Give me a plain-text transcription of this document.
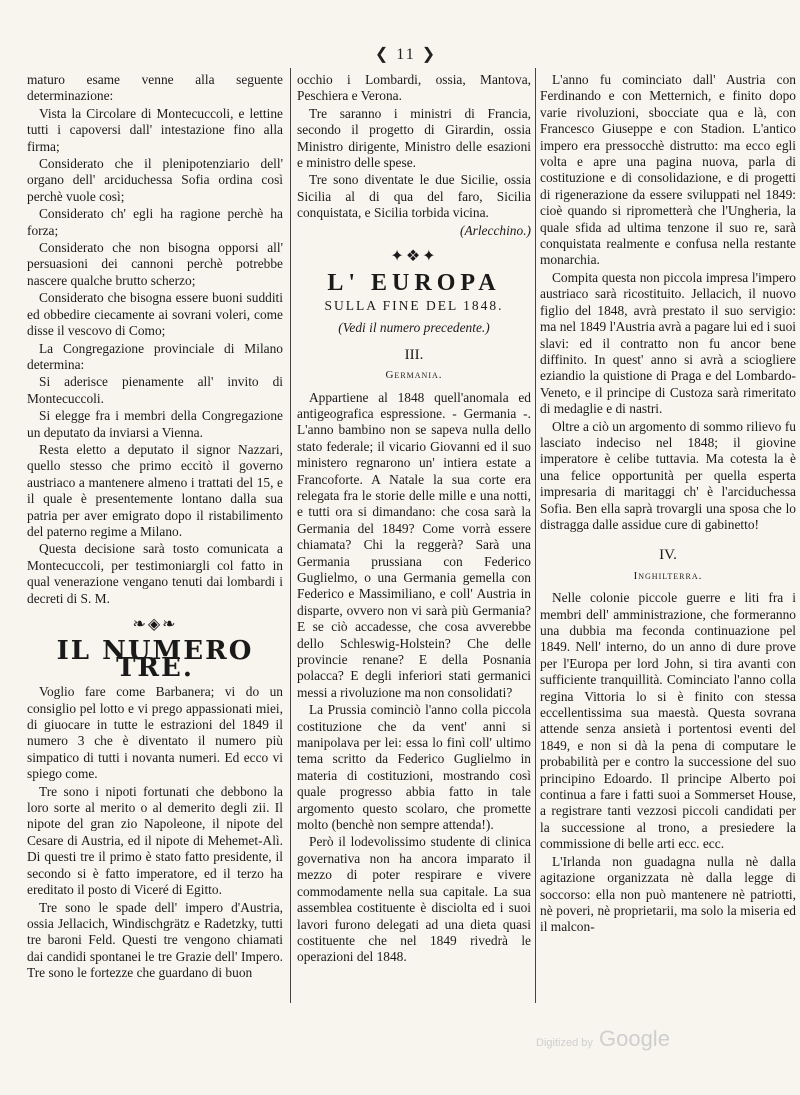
❮ 11 ❯

maturo esame venne alla seguente determinazione:

Vista la Circolare di Montecuccoli, e lettine tutti i capoversi dall' intestazione fino alla firma;

Considerato che il plenipotenziario dell' organo dell' arciduchessa Sofia ordina così perchè vuole così;

Considerato ch' egli ha ragione perchè ha forza;

Considerato che non bisogna opporsi all' persuasioni dei cannoni perchè potrebbe nascere qualche brutto scherzo;

Considerato che bisogna essere buoni sudditi ed obbedire ciecamente ai sovrani voleri, come disse il vescovo di Como;

La Congregazione provinciale di Milano determina:

Si aderisce pienamente all' invito di Montecuccoli.

Si elegge fra i membri della Congregazione un deputato da inviarsi a Vienna.

Resta eletto a deputato il signor Nazzari, quello stesso che primo eccitò il governo austriaco a mantenere almeno i trattati del 15, e il quale è presentemente lontano dalla sua patria per aver emigrato dopo il ristabilimento del paterno regime a Milano.

Questa decisione sarà tosto comunicata a Montecuccoli, per testimoniargli col fatto in qual venerazione vengano tenuti dai lombardi i decreti di S. M.

❧◈❧

IL NUMERO TRE.

Voglio fare come Barbanera; vi do un consiglio pel lotto e vi prego appassionati miei, di giuocare in tutte le estrazioni del 1849 il numero 3 che è diventato il numero più simpatico di tutti i novanta numeri. Ed ecco vi spiego come.

Tre sono i nipoti fortunati che debbono la loro sorte al merito o al demerito degli zii. Il nipote del gran zio Napoleone, il nipote del Cesare di Austria, ed il nipote di Mehemet-Alì. Di questi tre il primo è stato fatto presidente, il secondo si è fatto imperatore, ed il terzo ha ereditato il posto di Viceré di Egitto.

Tre sono le spade dell' impero d'Austria, ossia Jellacich, Windischgrätz e Radetzky, tutti tre baroni Feld. Questi tre vengono chiamati dai candidi spontanei le tre Grazie dell' Impero. Tre sono le fortezze che guardano di buon

occhio i Lombardi, ossia, Mantova, Peschiera e Verona.

Tre saranno i ministri di Francia, secondo il progetto di Girardin, ossia Ministro dirigente, Ministro delle esazioni e ministro delle spese.

Tre sono diventate le due Sicilie, ossia Sicilia al di qua del faro, Sicilia conquistata, e Sicilia torbida vicina.

(Arlecchino.)

✦❖✦

L' EUROPA

SULLA FINE DEL 1848.

(Vedi il numero precedente.)

III.

Germania.

Appartiene al 1848 quell'anomala ed antigeografica espressione. - Germania -. L'anno bambino non se sapeva nulla dello stato federale; il vicario Giovanni ed il suo ministero regnarono un' intiera estate a Francoforte. A Natale la sua corte era relegata fra le storie delle mille e una notti, e tutti ora si dimandano: che cosa sarà la Germania del 1849? Come vorrà essere chiamata? Chi la reggerà? Sarà una Germania prussiana con Federico Guglielmo, o una Germania gemella con Federico e Massimiliano, e coll' Austria in disparte, ovvero non vi sarà più Germania? E se ciò accadesse, che cosa avverebbe dello Schleswig-Holstein? Che delle provincie renane? E della Posnania polacca? E degli inferiori stati germanici messi a rivoluzione ma non consolidati?

La Prussia cominciò l'anno colla piccola costituzione che da vent' anni si manipolava per lei: essa lo finì coll' ultimo tema scritto da Federico Guglielmo in materia di costituzioni, mostrando così quale progresso abbia fatto in tale argomento questo scolaro, che promette molto (benchè non sempre attenda!).

Però il lodevolissimo studente di clinica governativa non ha ancora imparato il mezzo di poter respirare e vivere commodamente nella sua capitale. La sua assemblea costituente è disciolta ed i suoi lavori furono delegati ad una dieta quasi costituente che nel 1849 rivedrà le operazioni del 1848.

L'anno fu cominciato dall' Austria con Ferdinando e con Metternich, e finito dopo varie rivoluzioni, sbocciate qua e là, con Francesco Giuseppe e con Stadion. L'antico impero era pressocchè distrutto: ma ecco egli volta e apre una pagina nuova, parla di costituzione e di consolidazione, e di progetti di rigenerazione da essere sviluppati nel 1849: cioè quando si riprometterà che l'Ungheria, la quale sfida ad ultima tenzone il suo re, sarà conquistata realmente e confusa nella restante monarchia.

Compita questa non piccola impresa l'impero austriaco sarà ricostituito. Jellacich, il nuovo figlio del 1848, avrà prestato il suo servigio: ma nel 1849 l'Austria avrà a pagare lui ed i suoi slavi: ed il contratto non fu ancor bene diffinito. In quest' anno si avrà a sciogliere eziandio la quistione di Praga e del Lombardo-Veneto, e il principe di Custoza sarà rimeritato di medaglie e di nastri.

Oltre a ciò un argomento di sommo rilievo fu lasciato indeciso nel 1848; il giovine imperatore è celibe tuttavia. Ma cotesta la è una felice opportunità per quella esperta impresaria di maritaggi ch' è l'arciduchessa Sofia. Ben ella saprà trovargli una sposa che lo distragga dalle assidue cure di gabinetto!

IV.

Inghilterra.

Nelle colonie piccole guerre e liti fra i membri dell' amministrazione, che formeranno una dubbia ma feconda continuazione pel 1849. Nell' interno, do un anno di dure prove per l'Europa per lord John, si tira avanti con sufficiente tranquillità. Cominciato l'anno colla regina Vittoria lo si è finito con stessa eccellentissima sua maestà. Questa sovrana attende senza ansietà i portentosi eventi del 1849, e non si dà la pena di computare le probabilità per e contro la successione del suo principino Edoardo. Il principe Alberto poi continua a fare i fatti suoi a Sommerset House, a registrare tanti vezzosi piccoli candidati per la successione al trono, a presiedere la commissione di belle arti ecc. ecc.

L'Irlanda non guadagna nulla nè dalla agitazione organizzata nè dalla legge di soccorso: ella non può mantenere nè patriotti, nè poveri, nè proprietarii, ma solo la miseria ed il malcon-

Digitized by Google
